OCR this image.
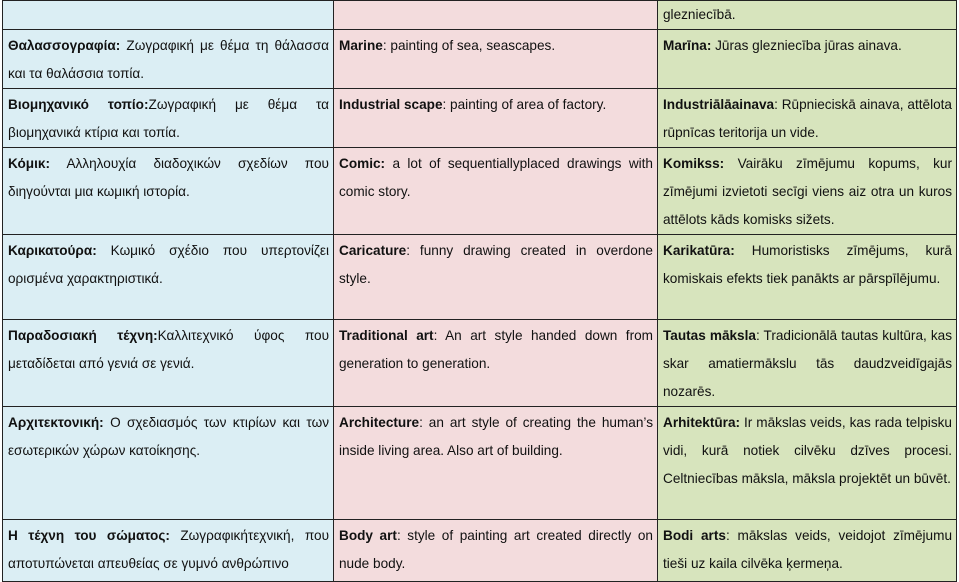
		glezniecībā.
Θαλασσογραφία: Ζωγραφική με θέμα τη θάλασσα και τα θαλάσσια τοπία.	Marine: painting of sea, seascapes.	Marīna: Jūras glezniecība jūras ainava.
Βιομηχανικό τοπίο:Ζωγραφική με θέμα τα βιομηχανικά κτίρια και τοπία.	Industrial scape: painting of area of factory.	Industriālāainava: Rūpnieciskā ainava, attēlota rūpnīcas teritorija un vide.
Κόμικ: Αλληλουχία διαδοχικών σχεδίων που διηγούνται μια κωμική ιστορία.	Comic: a lot of sequentiallyplaced drawings with comic story.	Komikss: Vairāku zīmējumu kopums, kur zīmējumi izvietoti secīgi viens aiz otra un kuros attēlots kāds komisks sižets.
Καρικατούρα: Κωμικό σχέδιο που υπερτονίζει ορισμένα χαρακτηριστικά.	Caricature: funny drawing created in overdone style.	Karikatūra: Humoristisks zīmējums, kurā komiskais efekts tiek panākts ar pārspīlējumu.
Παραδοσιακή τέχνη:Καλλιτεχνικό ύφος που μεταδίδεται από γενιά σε γενιά.	Traditional art: An art style handed down from generation to generation.	Tautas māksla: Tradicionālā tautas kultūra, kas skar amatiermākslu tās daudzveidīgajās nozarēs.
Αρχιτεκτονική: Ο σχεδιασμός των κτιρίων και των εσωτερικών χώρων κατοίκησης.	Architecture: an art style of creating the human’s inside living area. Also art of building.	Arhitektūra: Ir mākslas veids, kas rada telpisku vidi, kurā notiek cilvēku dzīves procesi. Celtniecības māksla, māksla projektēt un būvēt.
Η τέχνη του σώματος: Ζωγραφικήτεχνική, που αποτυπώνεται απευθείας σε γυμνό ανθρώπινο	Body art: style of painting art created directly on nude body.	Bodi arts: mākslas veids, veidojot zīmējumu tieši uz kaila cilvēka ķermeņa.
